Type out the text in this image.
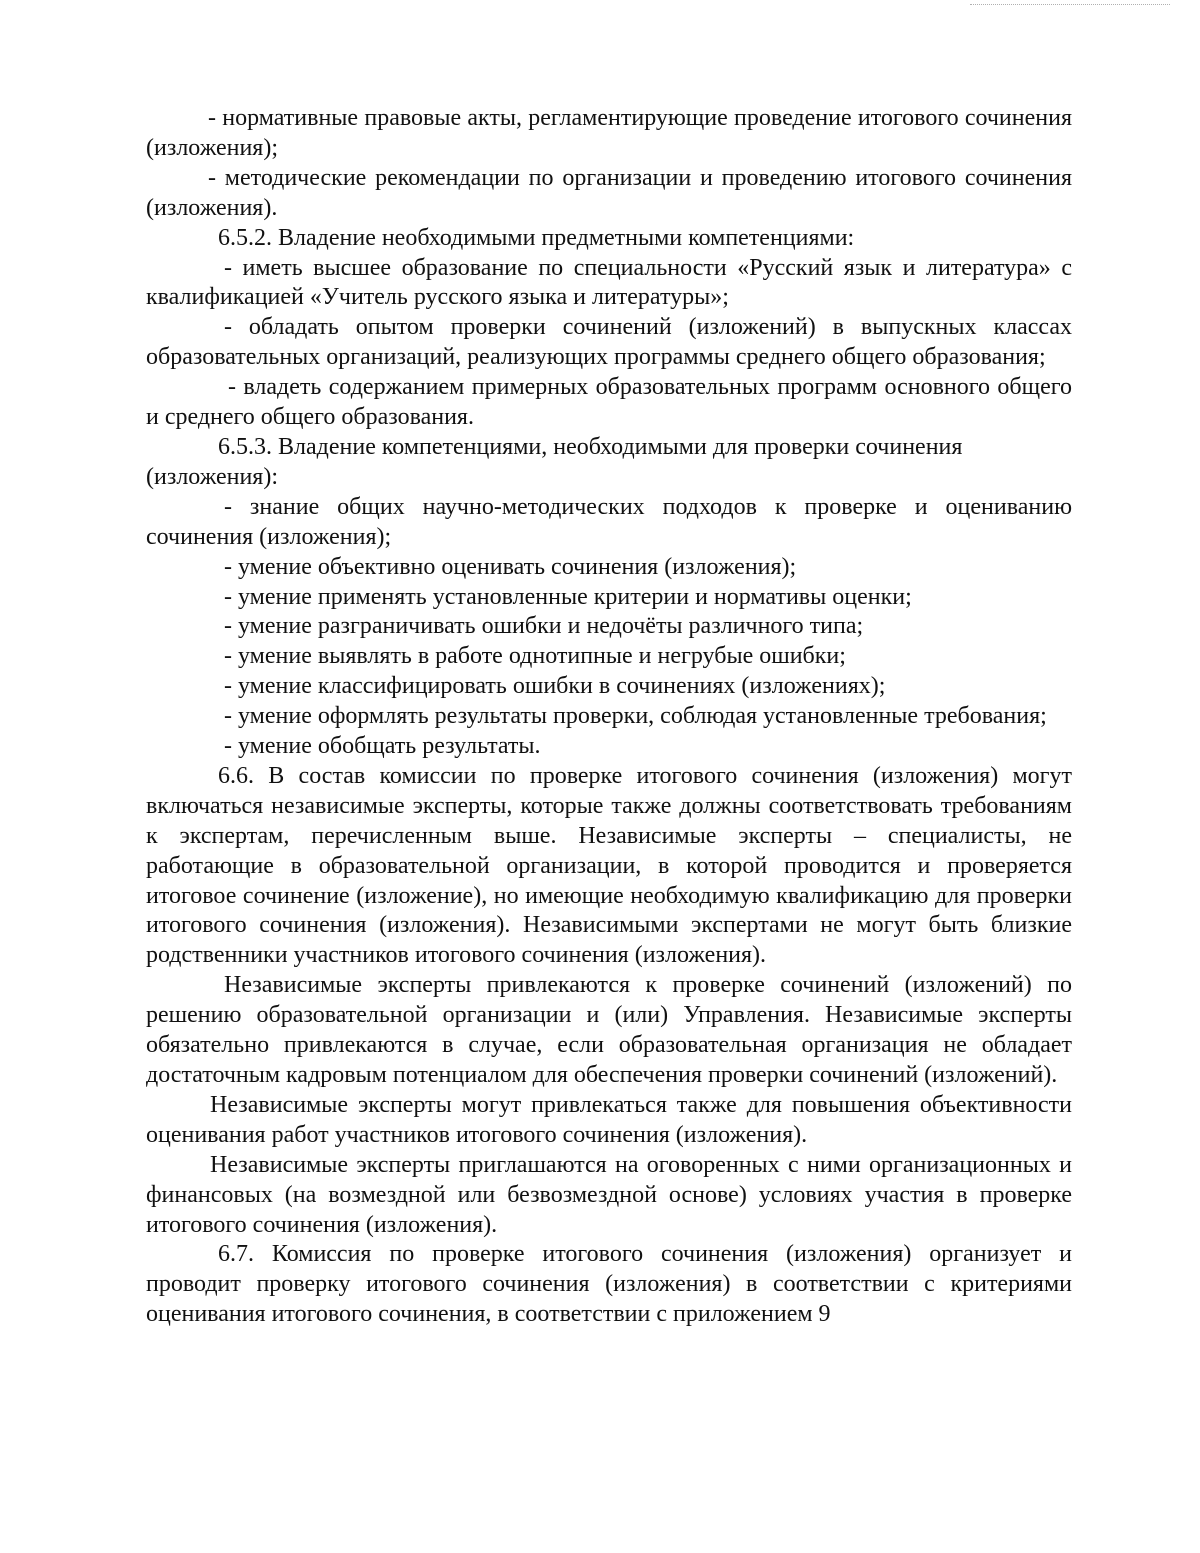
- нормативные правовые акты, регламентирующие проведение итогового сочинения (изложения);

- методические рекомендации по организации и проведению итогового сочинения (изложения).

6.5.2. Владение необходимыми предметными компетенциями:

- иметь высшее образование по специальности «Русский язык и литература» с квалификацией «Учитель русского языка и литературы»;

- обладать опытом проверки сочинений (изложений) в выпускных классах образовательных организаций, реализующих программы среднего общего образования;

- владеть содержанием примерных образовательных программ основного общего и среднего общего образования.

6.5.3. Владение компетенциями, необходимыми для проверки сочинения (изложения):

- знание общих научно-методических подходов к проверке и оцениванию сочинения (изложения);

- умение объективно оценивать сочинения (изложения);

- умение применять установленные критерии и нормативы оценки;

- умение разграничивать ошибки и недочёты различного типа;

- умение выявлять в работе однотипные и негрубые ошибки;

- умение классифицировать ошибки в сочинениях (изложениях);

- умение оформлять результаты проверки, соблюдая установленные требования;

- умение обобщать результаты.

6.6. В состав комиссии по проверке итогового сочинения (изложения) могут включаться независимые эксперты, которые также должны соответствовать требованиям к экспертам, перечисленным выше. Независимые эксперты – специалисты, не работающие в образовательной организации, в которой проводится и проверяется итоговое сочинение (изложение), но имеющие необходимую квалификацию для проверки итогового сочинения (изложения). Независимыми экспертами не могут быть близкие родственники участников итогового сочинения (изложения).

Независимые эксперты привлекаются к проверке сочинений (изложений) по решению образовательной организации и (или) Управления. Независимые эксперты обязательно привлекаются в случае, если образовательная организация не обладает достаточным кадровым потенциалом для обеспечения проверки сочинений (изложений).

Независимые эксперты могут привлекаться также для повышения объективности оценивания работ участников итогового сочинения (изложения).

Независимые эксперты приглашаются на оговоренных с ними организационных и финансовых (на возмездной или безвозмездной основе) условиях участия в проверке итогового сочинения (изложения).

6.7. Комиссия по проверке итогового сочинения (изложения) организует и проводит проверку итогового сочинения (изложения) в соответствии с критериями оценивания итогового сочинения, в соответствии с приложением 9
